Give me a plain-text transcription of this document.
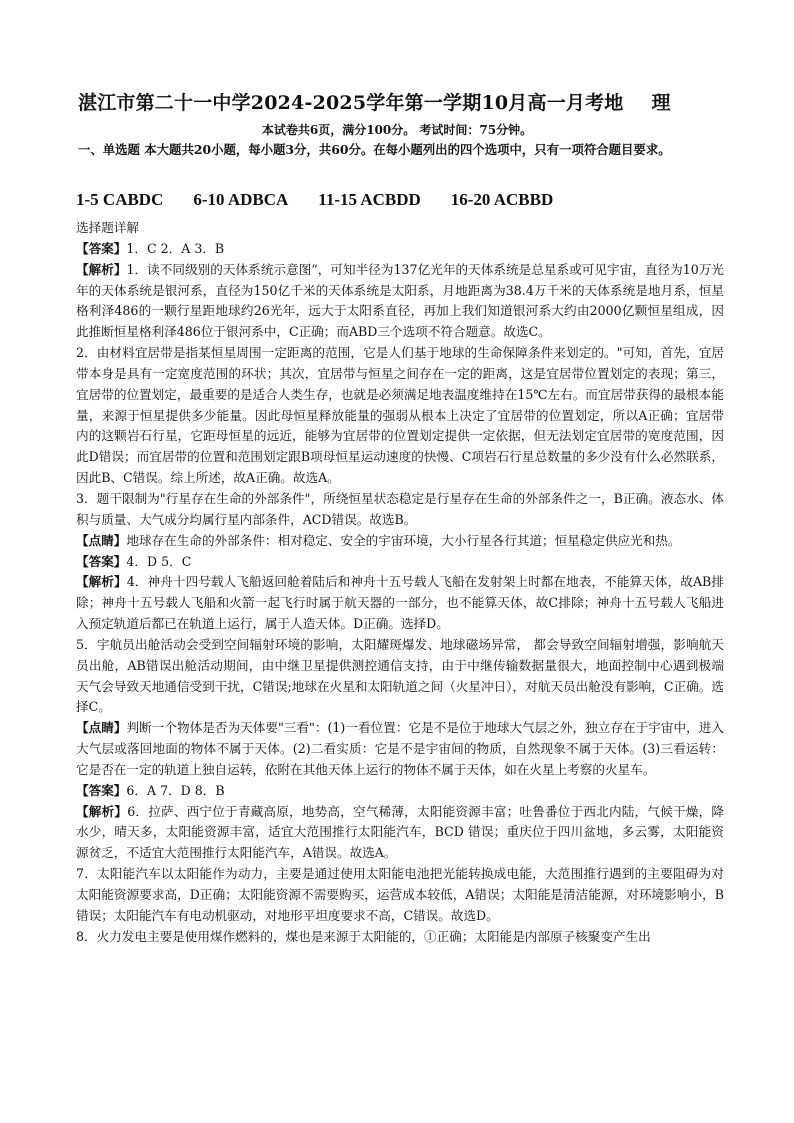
湛江市第二十一中学2024-2025学年第一学期10月高一月考地 理
本试卷共6页，满分100分。 考试时间：75分钟。
一、单选题 本大题共20小题，每小题3分，共60分。在每小题列出的四个选项中，只有一项符合题目要求。
1-5 CABDC 6-10 ADBCA 11-15 ACBDD 16-20 ACBBD

选择题详解

【答案】1．C 2．A 3．B

【解析】1．读不同级别的天体系统示意图”，可知半径为137亿光年的天体系统是总星系或可见宇宙，直径为10万光年的天体系统是银河系，直径为150亿千米的天体系统是太阳系，月地距离为38.4万千米的天体系统是地月系，恒星格利泽486的一颗行星距地球约26光年，远大于太阳系直径，再加上我们知道银河系大约由2000亿颗恒星组成，因此推断恒星格利泽486位于银河系中，C正确；而ABD三个选项不符合题意。故选C。

2．由材料宜居带是指某恒星周围一定距离的范围，它是人们基于地球的生命保障条件来划定的。"可知，首先，宜居带本身是具有一定宽度范围的环状；其次，宜居带与恒星之间存在一定的距离，这是宜居带位置划定的表现；第三，宜居带的位置划定，最重要的是适合人类生存，也就是必须满足地表温度维持在15℃左右。而宜居带获得的最根本能量，来源于恒星提供多少能量。因此母恒星释放能量的强弱从根本上决定了宜居带的位置划定，所以A正确；宜居带内的这颗岩石行星，它距母恒星的远近，能够为宜居带的位置划定提供一定依据，但无法划定宜居带的宽度范围，因此D错误；而宜居带的位置和范围划定跟B项母恒星运动速度的快慢、C项岩石行星总数量的多少没有什么必然联系，因此B、C错误。综上所述，故A正确。故选A。

3．题干限制为"行星存在生命的外部条件"，所绕恒星状态稳定是行星存在生命的外部条件之一，B正确。液态水、体积与质量、大气成分均属行星内部条件，ACD错误。故选B。

【点睛】地球存在生命的外部条件：相对稳定、安全的宇宙环境，大小行星各行其道；恒星稳定供应光和热。

【答案】4．D 5．C

【解析】4．神舟十四号载人飞船返回舱着陆后和神舟十五号载人飞船在发射架上时都在地表，不能算天体，故AB排除；神舟十五号载人飞船和火箭一起飞行时属于航天器的一部分，也不能算天体，故C排除；神舟十五号载人飞船进入预定轨道后都已在轨道上运行，属于人造天体。D正确。选择D。

5．宇航员出舱活动会受到空间辐射环境的影响，太阳耀斑爆发、地球磁场异常， 都会导致空间辐射增强，影响航天员出舱，AB错误出舱活动期间，由中继卫星提供测控通信支持，由于中继传输数据量很大，地面控制中心遇到极端天气会导致天地通信受到干扰，C错误;地球在火星和太阳轨道之间（火星冲日），对航天员出舱没有影响，C正确。选择C。

【点睛】判断一个物体是否为天体要"三看"：(1)一看位置：它是不是位于地球大气层之外，独立存在于宇宙中，进入大气层或落回地面的物体不属于天体。(2)二看实质：它是不是宇宙间的物质，自然现象不属于天体。(3)三看运转：它是否在一定的轨道上独自运转，依附在其他天体上运行的物体不属于天体，如在火星上考察的火星车。

【答案】6．A 7．D 8．B

【解析】6．拉萨、西宁位于青藏高原，地势高，空气稀薄，太阳能资源丰富；吐鲁番位于西北内陆，气候干燥，降水少，晴天多，太阳能资源丰富，适宜大范围推行太阳能汽车，BCD 错误；重庆位于四川盆地，多云雾，太阳能资源贫乏，不适宜大范围推行太阳能汽车，A错误。故选A。

7．太阳能汽车以太阳能作为动力，主要是通过使用太阳能电池把光能转换成电能，大范围推行遇到的主要阻碍为对太阳能资源要求高，D正确；太阳能资源不需要购买，运营成本较低，A错误；太阳能是清洁能源，对环境影响小，B错误；太阳能汽车有电动机驱动，对地形平坦度要求不高，C错误。故选D。

8．火力发电主要是使用煤作燃料的，煤也是来源于太阳能的，①正确；太阳能是内部原子核聚变产生出
